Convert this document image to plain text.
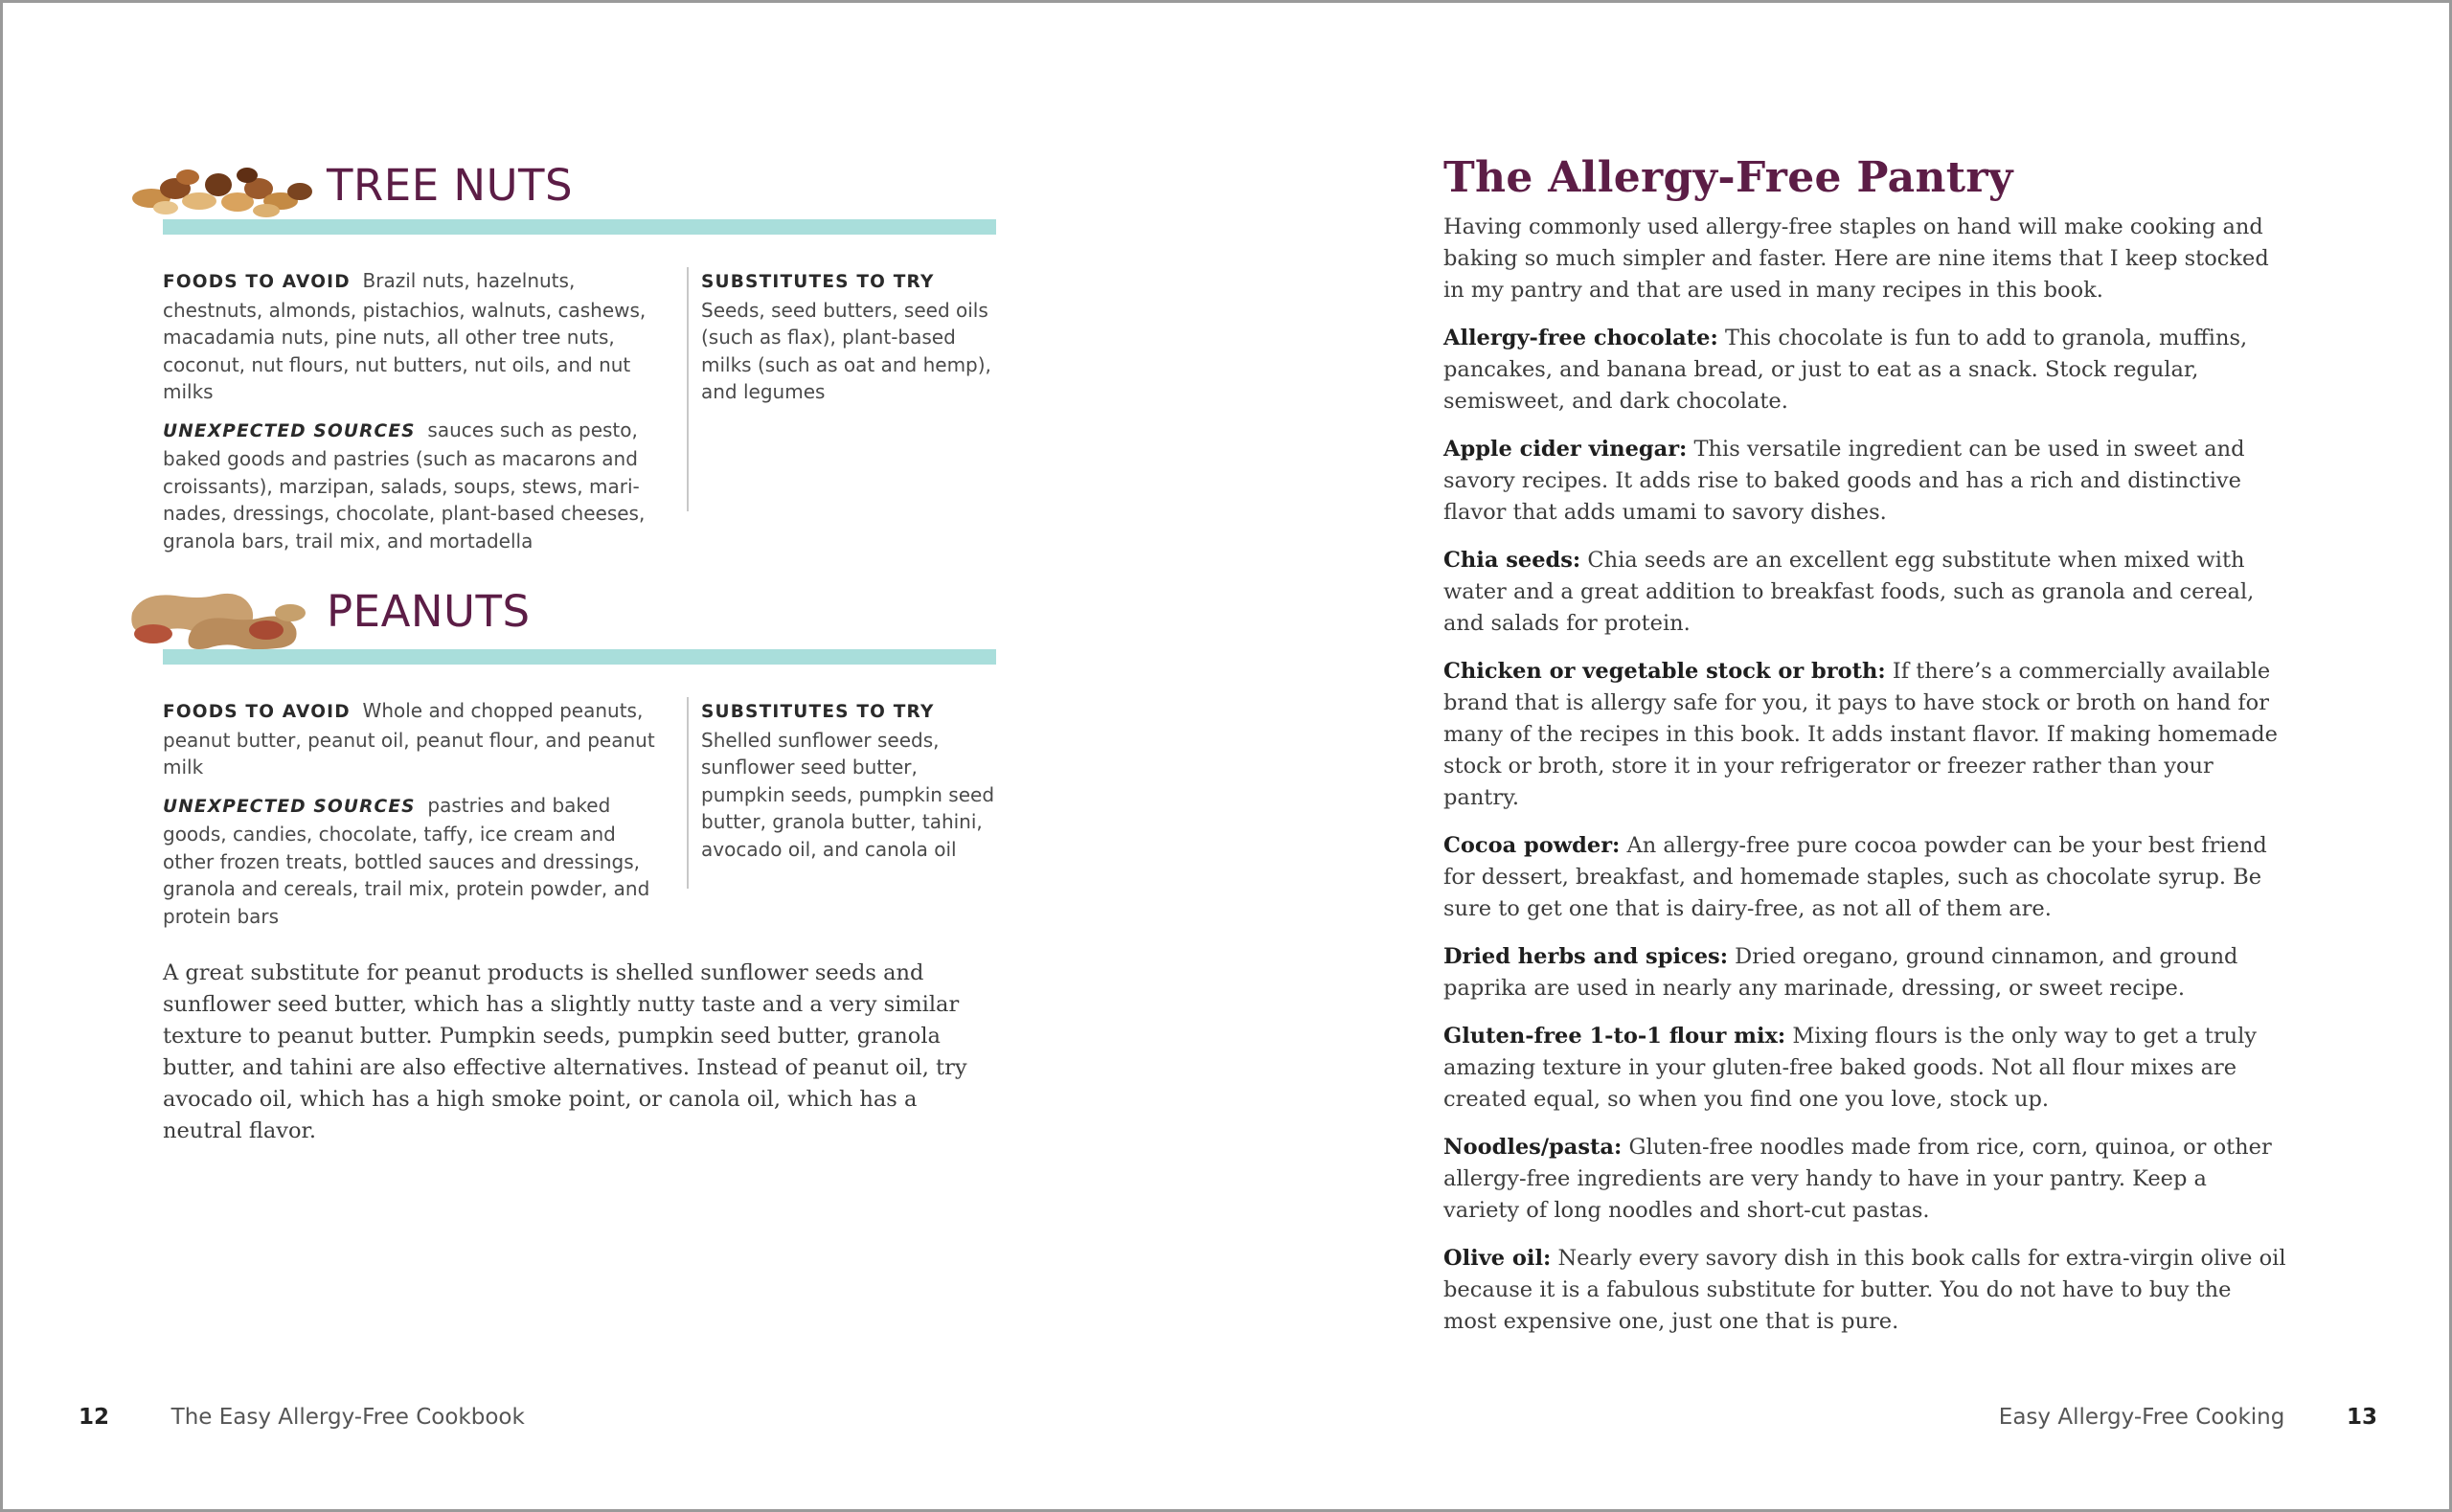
TREE NUTS

FOODS TO AVOID Brazil nuts, hazelnuts, chestnuts, almonds, pistachios, walnuts, cashews, macadamia nuts, pine nuts, all other tree nuts, coconut, nut flours, nut butters, nut oils, and nut milks

UNEXPECTED SOURCES sauces such as pesto, baked goods and pastries (such as macarons and croissants), marzipan, salads, soups, stews, marinades, dressings, chocolate, plant-based cheeses, granola bars, trail mix, and mortadella

SUBSTITUTES TO TRY Seeds, seed butters, seed oils (such as flax), plant-based milks (such as oat and hemp), and legumes

PEANUTS

FOODS TO AVOID Whole and chopped peanuts, peanut butter, peanut oil, peanut flour, and peanut milk

UNEXPECTED SOURCES pastries and baked goods, candies, chocolate, taffy, ice cream and other frozen treats, bottled sauces and dressings, granola and cereals, trail mix, protein powder, and protein bars

SUBSTITUTES TO TRY

Shelled sunflower seeds, sunflower seed butter, pumpkin seeds, pumpkin seed butter, granola butter, tahini, avocado oil, and canola oil

A great substitute for peanut products is shelled sunflower seeds and sunflower seed butter, which has a slightly nutty taste and a very similar texture to peanut butter. Pumpkin seeds, pumpkin seed butter, granola butter, and tahini are also effective alternatives. Instead of peanut oil, try avocado oil, which has a high smoke point, or canola oil, which has a neutral flavor.

The Allergy-Free Pantry

Having commonly used allergy-free staples on hand will make cooking and baking so much simpler and faster. Here are nine items that I keep stocked in my pantry and that are used in many recipes in this book.

Allergy-free chocolate: This chocolate is fun to add to granola, muffins, pancakes, and banana bread, or just to eat as a snack. Stock regular, semisweet, and dark chocolate.

Apple cider vinegar: This versatile ingredient can be used in sweet and savory recipes. It adds rise to baked goods and has a rich and distinctive flavor that adds umami to savory dishes.

Chia seeds: Chia seeds are an excellent egg substitute when mixed with water and a great addition to breakfast foods, such as granola and cereal, and salads for protein.

Chicken or vegetable stock or broth: If there’s a commercially available brand that is allergy safe for you, it pays to have stock or broth on hand for many of the recipes in this book. It adds instant flavor. If making homemade stock or broth, store it in your refrigerator or freezer rather than your pantry.

Cocoa powder: An allergy-free pure cocoa powder can be your best friend for dessert, breakfast, and homemade staples, such as chocolate syrup. Be sure to get one that is dairy-free, as not all of them are.

Dried herbs and spices: Dried oregano, ground cinnamon, and ground paprika are used in nearly any marinade, dressing, or sweet recipe.

Gluten-free 1-to-1 flour mix: Mixing flours is the only way to get a truly amazing texture in your gluten-free baked goods. Not all flour mixes are created equal, so when you find one you love, stock up.

Noodles/pasta: Gluten-free noodles made from rice, corn, quinoa, or other allergy-free ingredients are very handy to have in your pantry. Keep a variety of long noodles and short-cut pastas.

Olive oil: Nearly every savory dish in this book calls for extra-virgin olive oil because it is a fabulous substitute for butter. You do not have to buy the most expensive one, just one that is pure.

12	The Easy Allergy-Free Cookbook	Easy Allergy-Free Cooking	13
